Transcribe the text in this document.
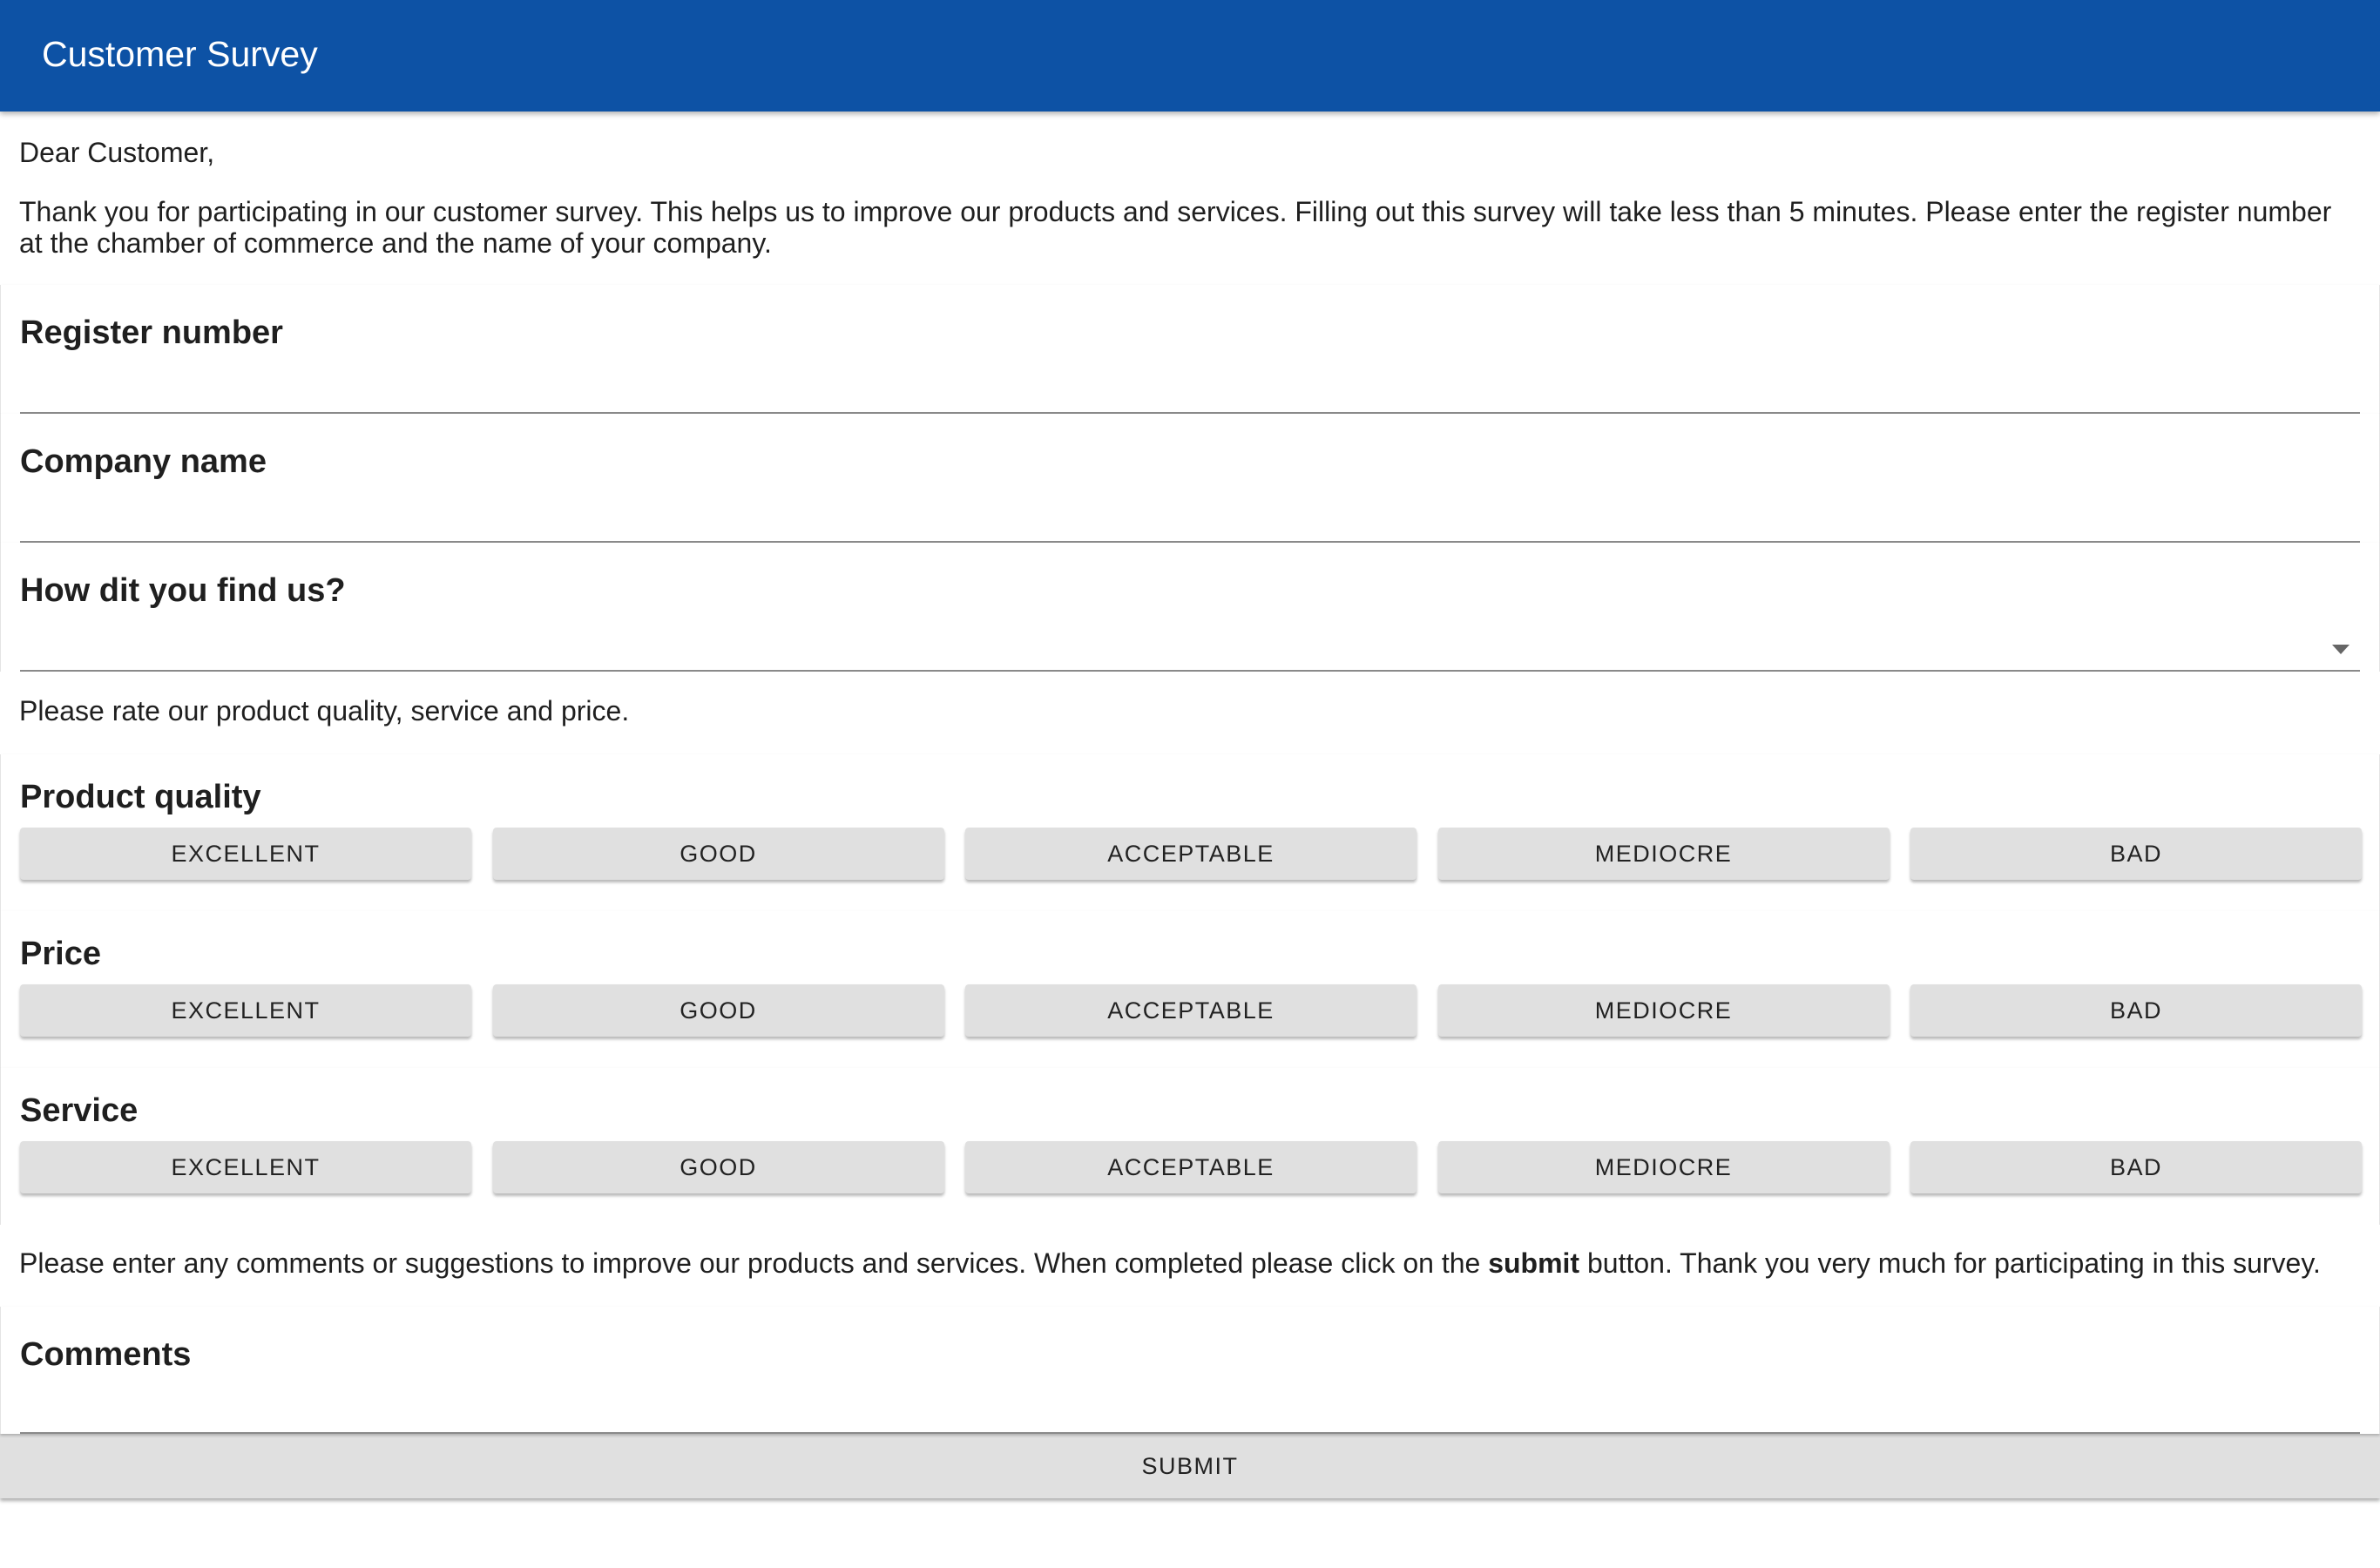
Customer Survey

Dear Customer,

Thank you for participating in our customer survey. This helps us to improve our products and services. Filling out this survey will take less than 5 minutes. Please enter the register number at the chamber of commerce and the name of your company.

Register number
Company name
How dit you find us?

Please rate our product quality, service and price.

Product quality
EXCELLENT	GOOD	ACCEPTABLE	MEDIOCRE	BAD
Price
EXCELLENT	GOOD	ACCEPTABLE	MEDIOCRE	BAD
Service
EXCELLENT	GOOD	ACCEPTABLE	MEDIOCRE	BAD

Please enter any comments or suggestions to improve our products and services. When completed please click on the submit button. Thank you very much for participating in this survey.

Comments
SUBMIT
